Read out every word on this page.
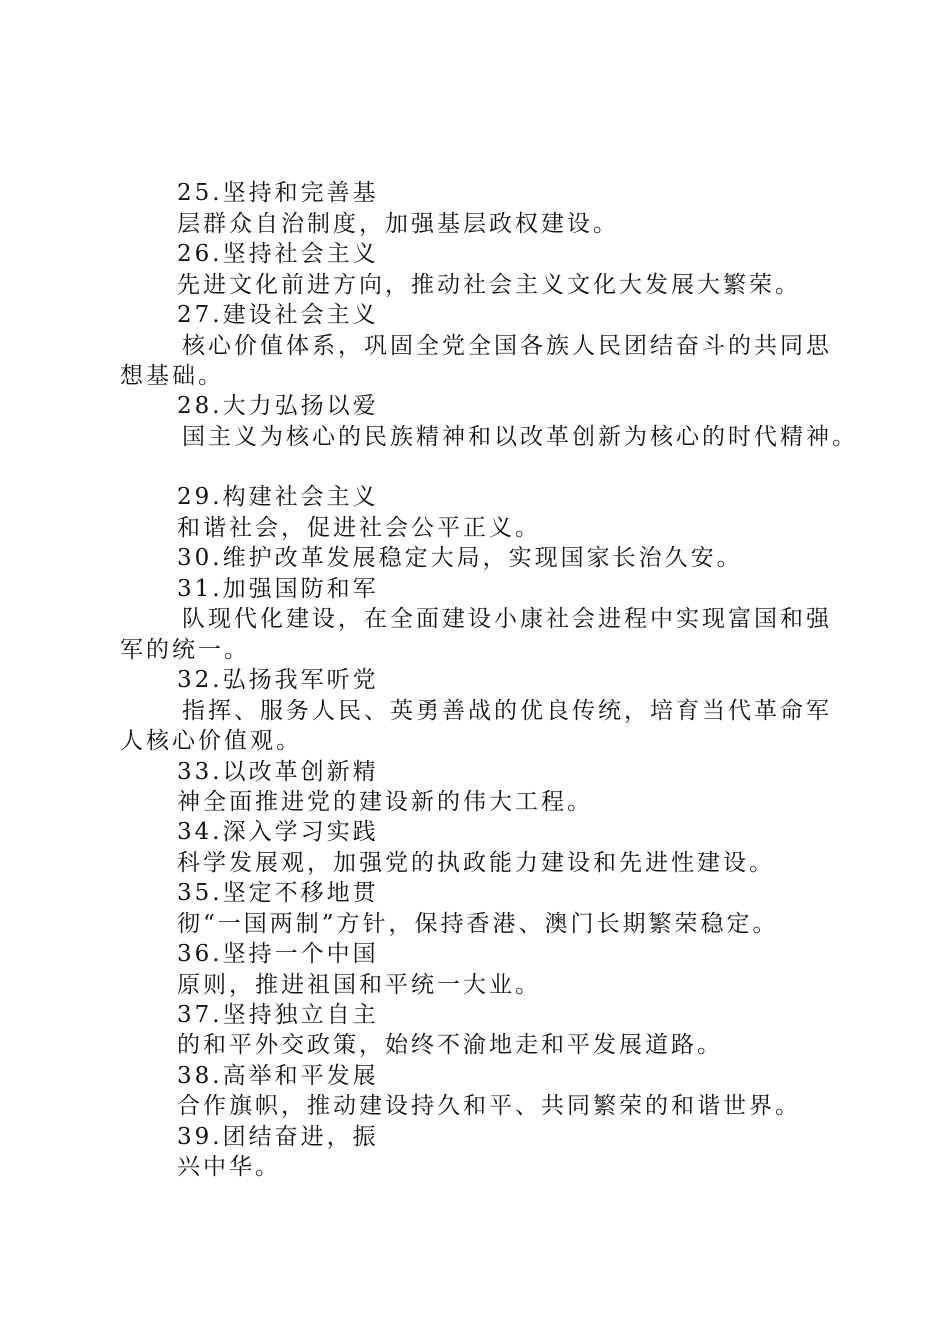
25.坚持和完善基
层群众自治制度，加强基层政权建设。
26.坚持社会主义
先进文化前进方向，推动社会主义文化大发展大繁荣。
27.建设社会主义
核心价值体系，巩固全党全国各族人民团结奋斗的共同思
想基础。
28.大力弘扬以爱
国主义为核心的民族精神和以改革创新为核心的时代精神。
29.构建社会主义
和谐社会，促进社会公平正义。
30.维护改革发展稳定大局，实现国家长治久安。
31.加强国防和军
队现代化建设，在全面建设小康社会进程中实现富国和强
军的统一。
32.弘扬我军听党
指挥、服务人民、英勇善战的优良传统，培育当代革命军
人核心价值观。
33.以改革创新精
神全面推进党的建设新的伟大工程。
34.深入学习实践
科学发展观，加强党的执政能力建设和先进性建设。
35.坚定不移地贯
彻“一国两制”方针，保持香港、澳门长期繁荣稳定。
36.坚持一个中国
原则，推进祖国和平统一大业。
37.坚持独立自主
的和平外交政策，始终不渝地走和平发展道路。
38.高举和平发展
合作旗帜，推动建设持久和平、共同繁荣的和谐世界。
39.团结奋进，振
兴中华。
